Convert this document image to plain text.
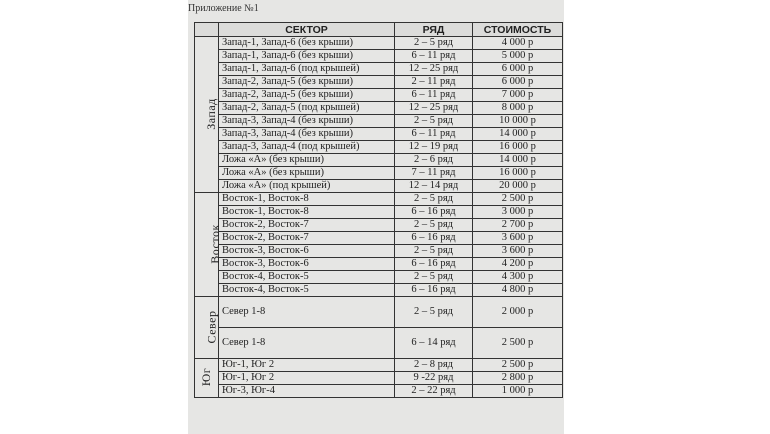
Приложение №1
	СЕКТОР	РЯД	СТОИМОСТЬ
Запад	Запад-1, Запад-6 (без крыши)	2 – 5 ряд	4 000 р
	Запад-1, Запад-6 (без крыши)	6 – 11 ряд	5 000 р
	Запад-1, Запад-6 (под крышей)	12 – 25 ряд	6 000 р
	Запад-2, Запад-5 (без крыши)	2 – 11 ряд	6 000 р
	Запад-2, Запад-5 (без крыши)	6 – 11 ряд	7 000 р
	Запад-2, Запад-5 (под крышей)	12 – 25 ряд	8 000 р
	Запад-3, Запад-4 (без крыши)	2 – 5 ряд	10 000 р
	Запад-3, Запад-4 (без крыши)	6 – 11 ряд	14 000 р
	Запад-3, Запад-4 (под крышей)	12 – 19 ряд	16 000 р
	Ложа «А» (без крыши)	2 – 6 ряд	14 000 р
	Ложа «А» (без крыши)	7 – 11 ряд	16 000 р
	Ложа «А» (под крышей)	12 – 14 ряд	20 000 р
Восток	Восток-1, Восток-8	2 – 5 ряд	2 500 р
	Восток-1, Восток-8	6 – 16 ряд	3 000 р
	Восток-2, Восток-7	2 – 5 ряд	2 700 р
	Восток-2, Восток-7	6 – 16 ряд	3 600 р
	Восток-3, Восток-6	2 – 5 ряд	3 600 р
	Восток-3, Восток-6	6 – 16 ряд	4 200 р
	Восток-4, Восток-5	2 – 5 ряд	4 300 р
	Восток-4, Восток-5	6 – 16 ряд	4 800 р
Север	Север 1-8	2 – 5 ряд	2 000 р
	Север 1-8	6 – 14 ряд	2 500 р
Юг	Юг-1, Юг 2	2 – 8 ряд	2 500 р
	Юг-1, Юг 2	9 -22 ряд	2 800 р
	Юг-3, Юг-4	2 – 22 ряд	1 000 р
